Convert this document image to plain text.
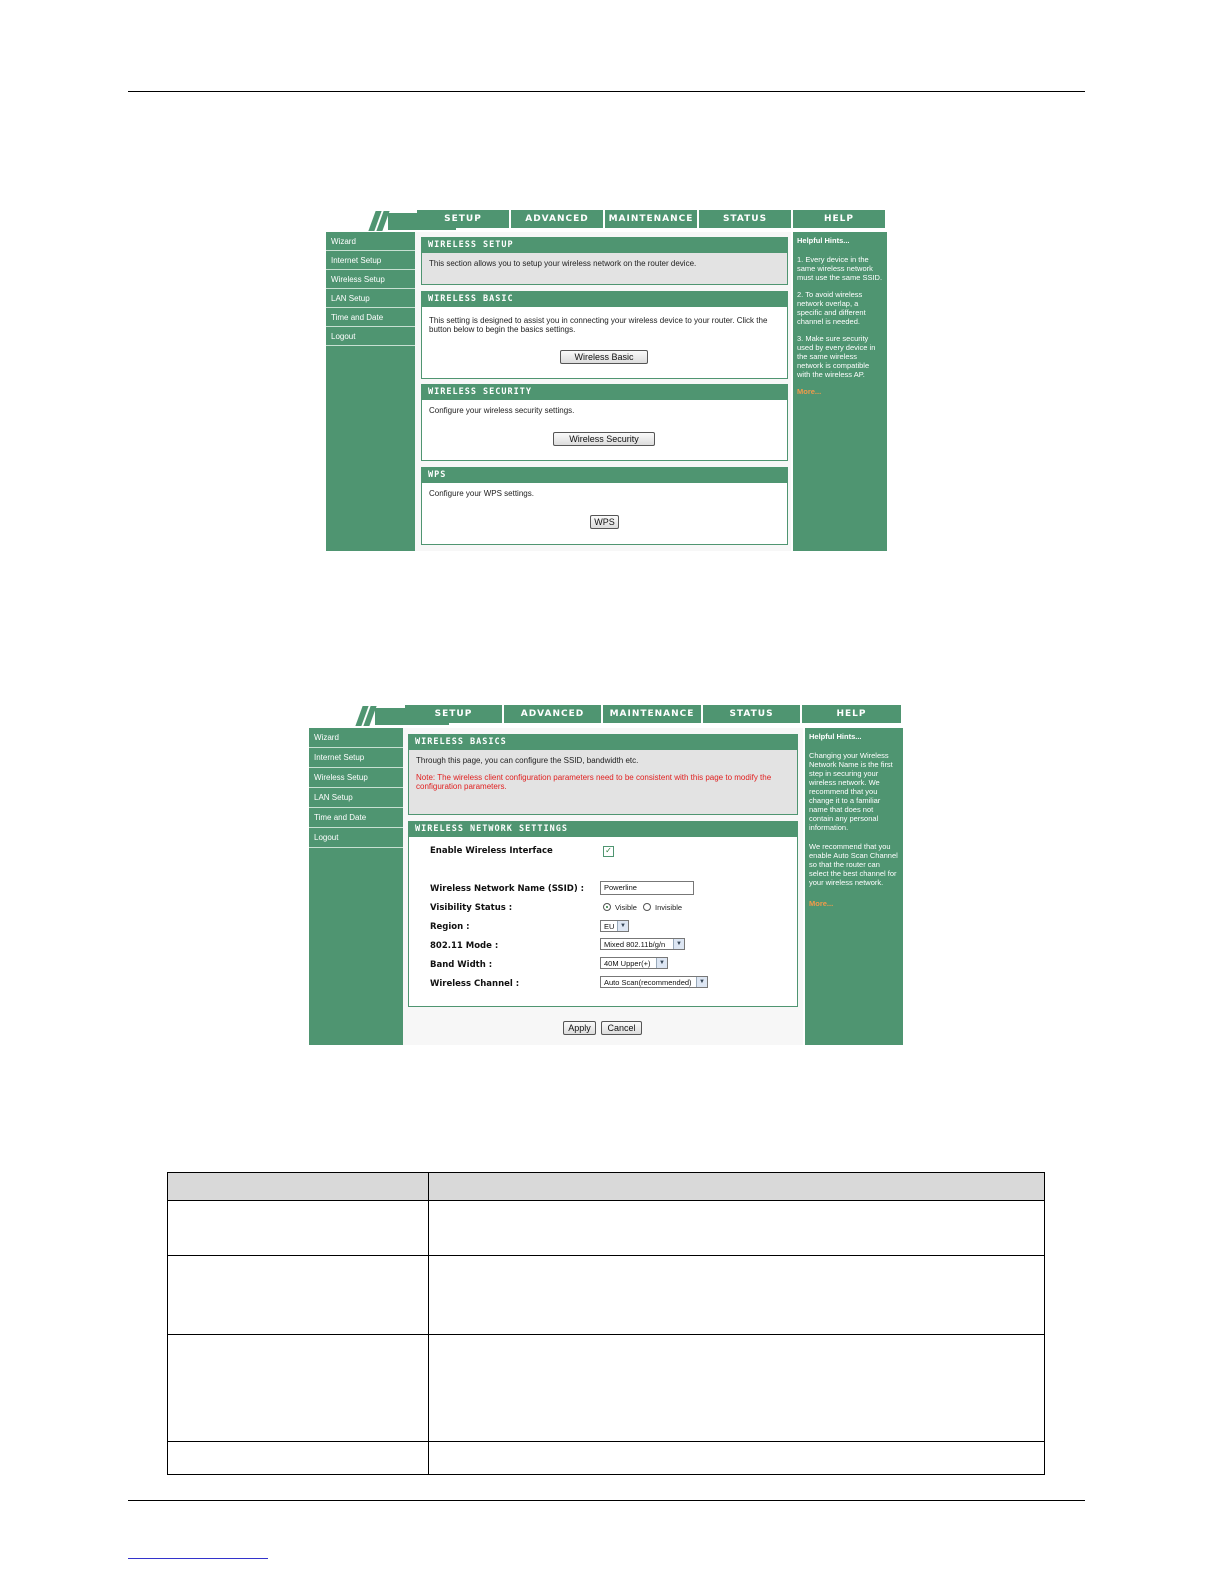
SETUP	ADVANCED	MAINTENANCE	STATUS	HELP
Wizard
Internet Setup
Wireless Setup
LAN Setup
Time and Date
Logout
WIRELESS SETUP
This section allows you to setup your wireless network on the router device.
WIRELESS BASIC
This setting is designed to assist you in connecting your wireless device to your router. Click the button below to begin the basics settings.
Wireless Basic
WIRELESS SECURITY
Configure your wireless security settings.
Wireless Security
WPS
Configure your WPS settings.
WPS
Helpful Hints...

1. Every device in the same wireless network must use the same SSID.

2. To avoid wireless network overlap, a specific and different channel is needed.

3. Make sure security used by every device in the same wireless network is compatible with the wireless AP.

More...
SETUP	ADVANCED	MAINTENANCE	STATUS	HELP
Wizard
Internet Setup
Wireless Setup
LAN Setup
Time and Date
Logout
WIRELESS BASICS
Through this page, you can configure the SSID, bandwidth etc.
Note: The wireless client configuration parameters need to be consistent with this page to modify the configuration parameters.
WIRELESS NETWORK SETTINGS
Enable Wireless Interface	✓
Wireless Network Name (SSID) :	Powerline
Visibility Status :	Visible Invisible
Region :	EU ▼
802.11 Mode :	Mixed 802.11b/g/n	▼
Band Width :	40M Upper(+)	▼
Wireless Channel :	Auto Scan(recommended)	▼
Apply	Cancel
Helpful Hints...

Changing your Wireless Network Name is the first step in securing your wireless network. We recommend that you change it to a familiar name that does not contain any personal information.

We recommend that you enable Auto Scan Channel so that the router can select the best channel for your wireless network.

More...
